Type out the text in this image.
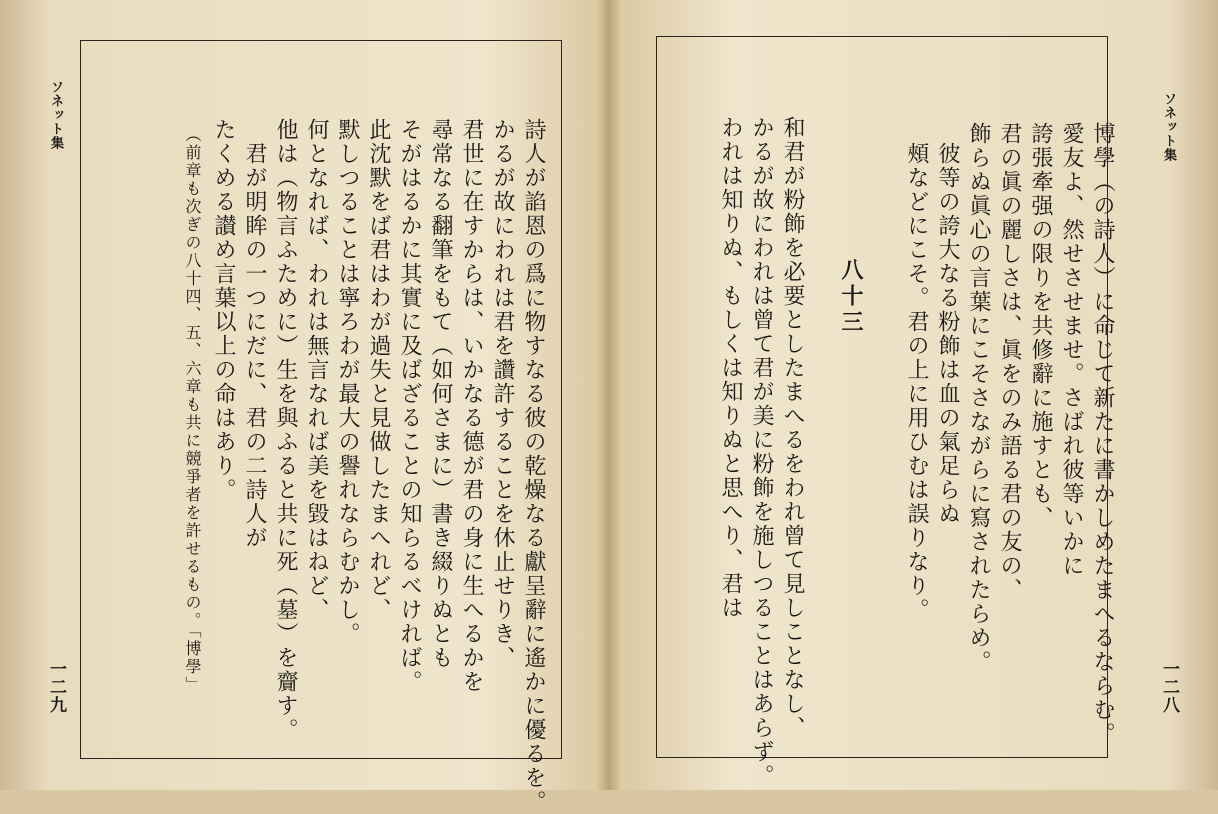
ソネット集
一二九	詩人が諂恩の爲に物すなる彼の乾燥なる獻呈辭に遙かに優るを。
かるが故にわれは君を讚許することを休止せりき、
君世に在すからは、いかなる德が君の身に生へるかを
尋常なる翻筆をもて（如何さまに）書き綴りぬとも
そがはるかに其實に及ばざることの知らるべければ。
此沈默をば君はわが過失と見做したまへれど、
默しつることは寧ろわが最大の譽れならむかし。
何となれば、われは無言なれば美を毀はねど、
他は（物言ふために）生を與ふると共に死（墓）を齎す。
君が明眸の一つにだに、君の二詩人が
たくめる讃め言葉以上の命はあり。
（前章も次ぎの八十四、五、六章も共に競爭者を許せるもの。「博學」	ソネット集
一二八
博學（の詩人）に命じて新たに書かしめたまへるならむ。
愛友よ、然せさせませ。さばれ彼等いかに
誇張牽强の限りを共修辭に施すとも、
君の眞の麗しさは、眞をのみ語る君の友の、
飾らぬ眞心の言葉にこそさながらに寫されたらめ。
彼等の誇大なる粉飾は血の氣足らぬ
頰などにこそ。君の上に用ひむは誤りなり。
八十三
和君が粉飾を必要としたまへるをわれ曾て見しことなし、
かるが故にわれは曾て君が美に粉飾を施しつることはあらず。
われは知りぬ、もしくは知りぬと思へり、君は
